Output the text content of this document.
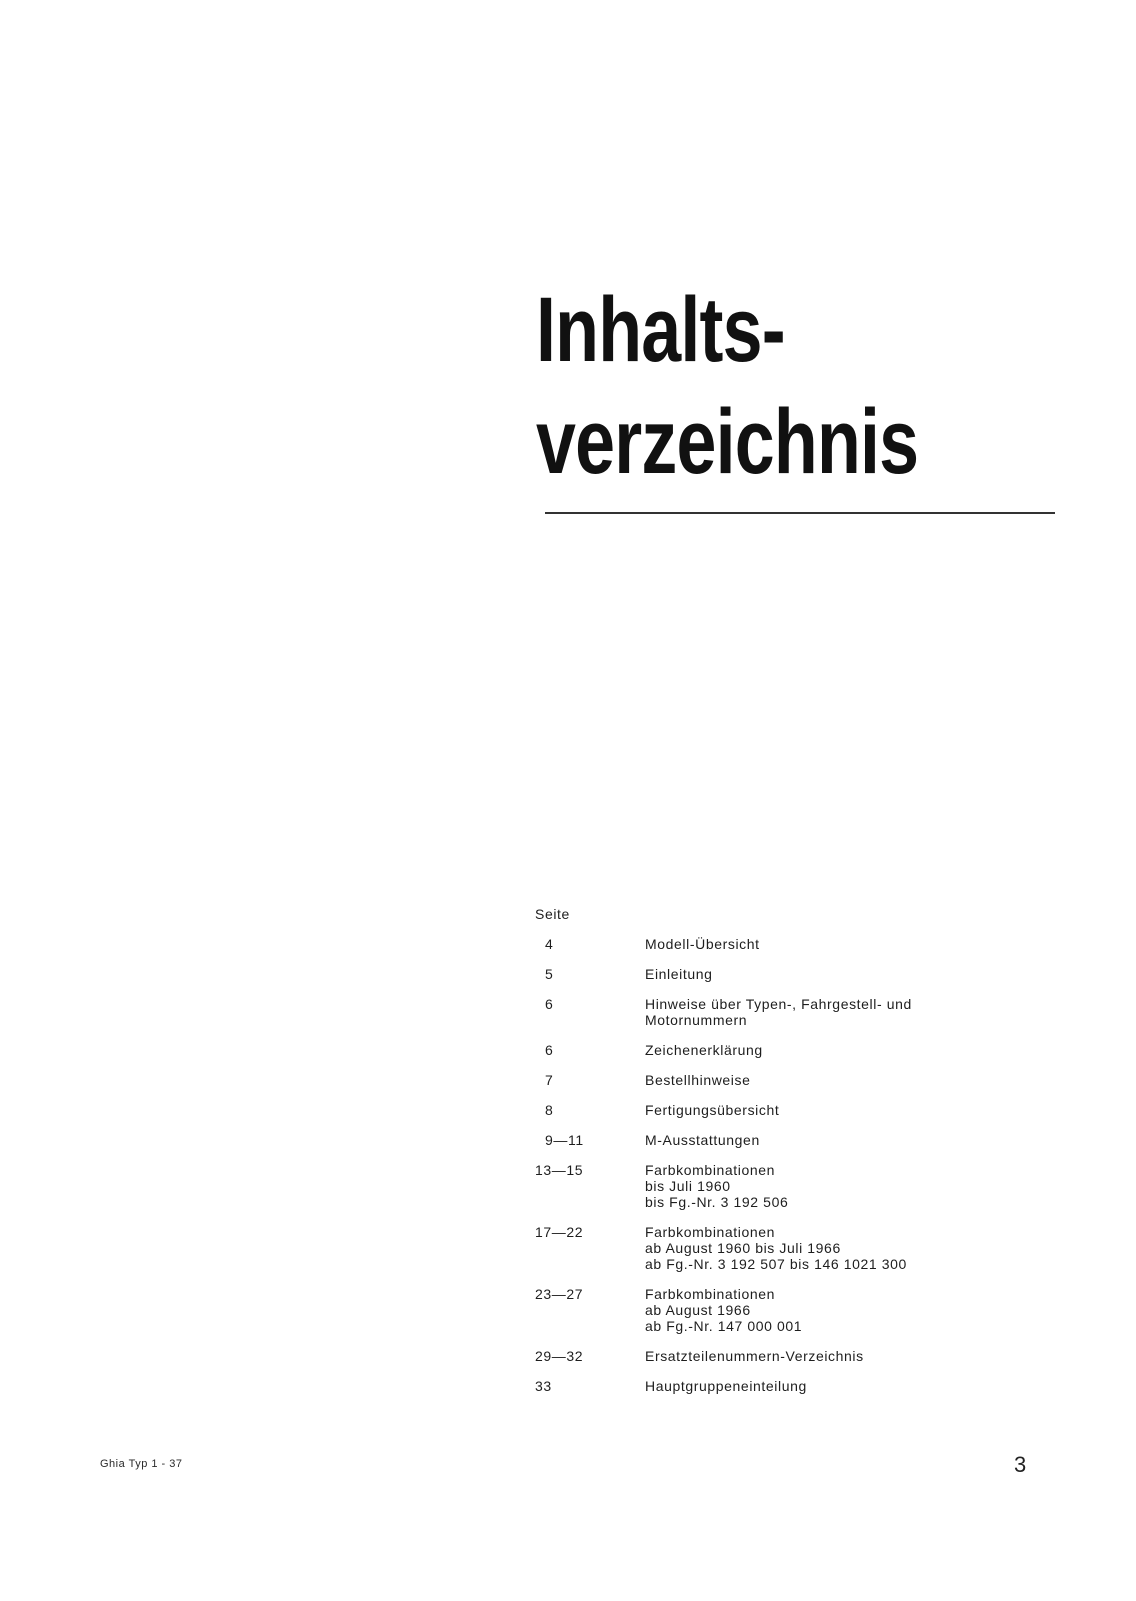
Inhalts-
verzeichnis
Seite
4	Modell-Übersicht
5	Einleitung
6	Hinweise über Typen-, Fahrgestell- und
Motornummern
6	Zeichenerklärung
7	Bestellhinweise
8	Fertigungsübersicht
9—11	M-Ausstattungen
13—15	Farbkombinationen
bis Juli 1960
bis Fg.-Nr. 3 192 506
17—22	Farbkombinationen
ab August 1960 bis Juli 1966
ab Fg.-Nr. 3 192 507 bis 146 1021 300
23—27	Farbkombinationen
ab August 1966
ab Fg.-Nr. 147 000 001
29—32	Ersatzteilenummern-Verzeichnis
33	Hauptgruppeneinteilung
Ghia Typ 1 - 37	3
